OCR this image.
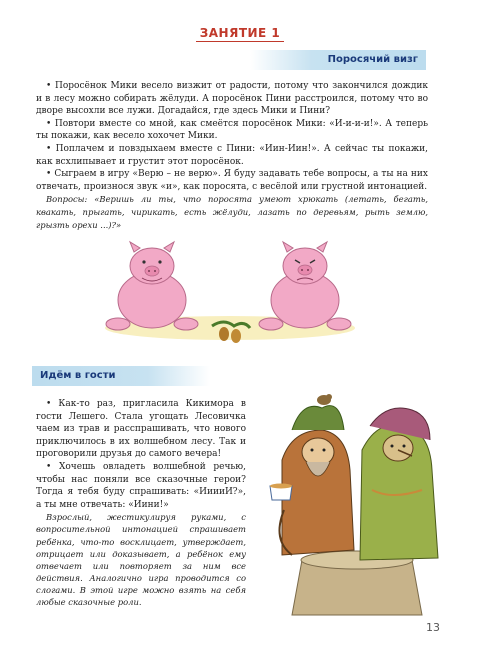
ЗАНЯТИЕ 1
Поросячий визг

• Поросёнок Мики весело визжит от радости, потому что закончился дождик и в лесу можно собирать жёлуди. А поросёнок Пини расстроился, потому что во дворе высохли все лужи. Догадайся, где здесь Мики и Пини?

• Повтори вместе со мной, как смеётся поросёнок Мики: «И-и-и-и!». А теперь ты покажи, как весело хохочет Мики.

• Поплачем и повздыхаем вместе с Пини: «Иин-Иин!». А сейчас ты покажи, как всхлипывает и грустит этот поросёнок.

• Сыграем в игру «Верю – не верю». Я буду задавать тебе вопросы, а ты на них отвечать, произнося звук «и», как поросята, с весёлой или грустной интонацией.

Вопросы: «Веришь ли ты, что поросята умеют хрюкать (летать, бегать, квакать, прыгать, чирикать, есть жёлуди, лазать по деревьям, рыть землю, грызть орехи ...)?»

Идём в гости

• Как-то раз, пригласила Кикимора в гости Лешего. Стала угощать Лесовичка чаем из трав и расспрашивать, что нового приключилось в их волшебном лесу. Так и проговорили друзья до самого вечера!

• Хочешь овладеть волшебной речью, чтобы нас поняли все сказочные герои? Тогда я тебя буду спрашивать: «ИиииИ?», а ты мне отвечать: «Иини!»

Взрослый, жестикулируя руками, с вопросительной интонацией спрашивает ребёнка, что-то восклицает, утверждает, отрицает или доказывает, а ребёнок ему отвечает или повторяет за ним все действия. Аналогично игра проводится со слогами. В этой игре можно взять на себя любые сказочные роли.

13
